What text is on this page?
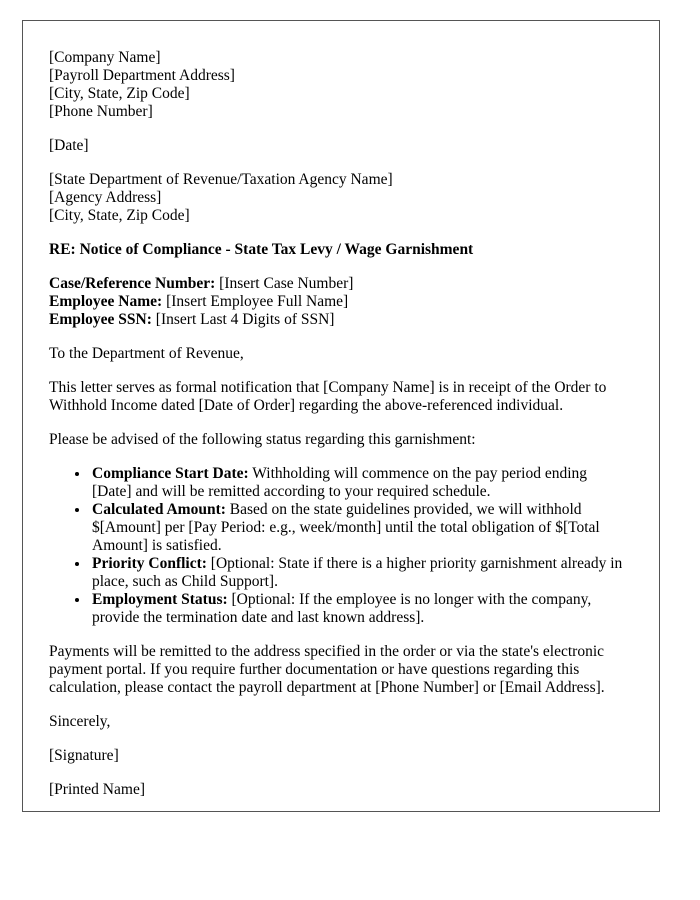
[Company Name]
[Payroll Department Address]
[City, State, Zip Code]
[Phone Number]
[Date]
[State Department of Revenue/Taxation Agency Name]
[Agency Address]
[City, State, Zip Code]
RE: Notice of Compliance - State Tax Levy / Wage Garnishment
Case/Reference Number: [Insert Case Number]
Employee Name: [Insert Employee Full Name]
Employee SSN: [Insert Last 4 Digits of SSN]

To the Department of Revenue,

This letter serves as formal notification that [Company Name] is in receipt of the Order to Withhold Income dated [Date of Order] regarding the above-referenced individual.

Please be advised of the following status regarding this garnishment:

• Compliance Start Date: Withholding will commence on the pay period ending [Date] and will be remitted according to your required schedule.
• Calculated Amount: Based on the state guidelines provided, we will withhold $[Amount] per [Pay Period: e.g., week/month] until the total obligation of $[Total Amount] is satisfied.
• Priority Conflict: [Optional: State if there is a higher priority garnishment already in place, such as Child Support].
• Employment Status: [Optional: If the employee is no longer with the company, provide the termination date and last known address].

Payments will be remitted to the address specified in the order or via the state's electronic payment portal. If you require further documentation or have questions regarding this calculation, please contact the payroll department at [Phone Number] or [Email Address].

Sincerely,

[Signature]

[Printed Name]
